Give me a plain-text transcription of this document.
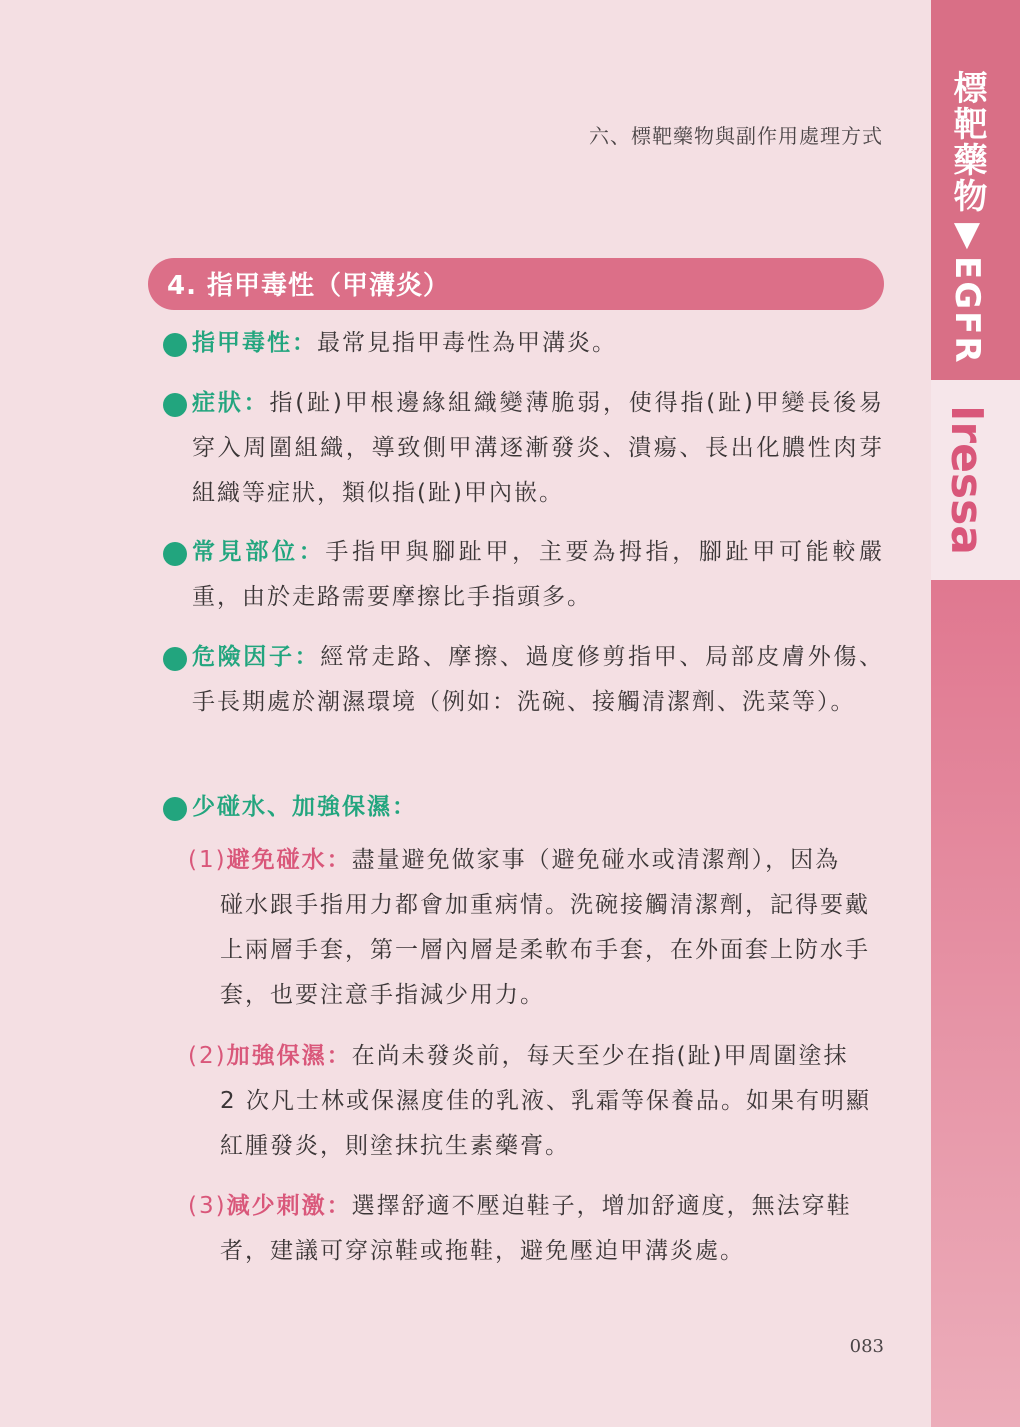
六、標靶藥物與副作用處理方式 標靶藥物▼EGFR
Iressa
4. 指甲毒性（甲溝炎）
指甲毒性：最常見指甲毒性為甲溝炎。
症狀：指(趾)甲根邊緣組織變薄脆弱，使得指(趾)甲變長後易穿入周圍組織，導致側甲溝逐漸發炎、潰瘍、長出化膿性肉芽組織等症狀，類似指(趾)甲內嵌。
常見部位：手指甲與腳趾甲，主要為拇指，腳趾甲可能較嚴重，由於走路需要摩擦比手指頭多。
危險因子：經常走路、摩擦、過度修剪指甲、局部皮膚外傷、手長期處於潮濕環境（例如：洗碗、接觸清潔劑、洗菜等）。
少碰水、加強保濕：
(1)避免碰水：盡量避免做家事（避免碰水或清潔劑），因為
碰水跟手指用力都會加重病情。洗碗接觸清潔劑，記得要戴上兩層手套，第一層內層是柔軟布手套，在外面套上防水手套，也要注意手指減少用力。
(2)加強保濕：在尚未發炎前，每天至少在指(趾)甲周圍塗抹
2 次凡士林或保濕度佳的乳液、乳霜等保養品。如果有明顯紅腫發炎，則塗抹抗生素藥膏。
(3)減少刺激：選擇舒適不壓迫鞋子，增加舒適度，無法穿鞋
者，建議可穿涼鞋或拖鞋，避免壓迫甲溝炎處。
083
